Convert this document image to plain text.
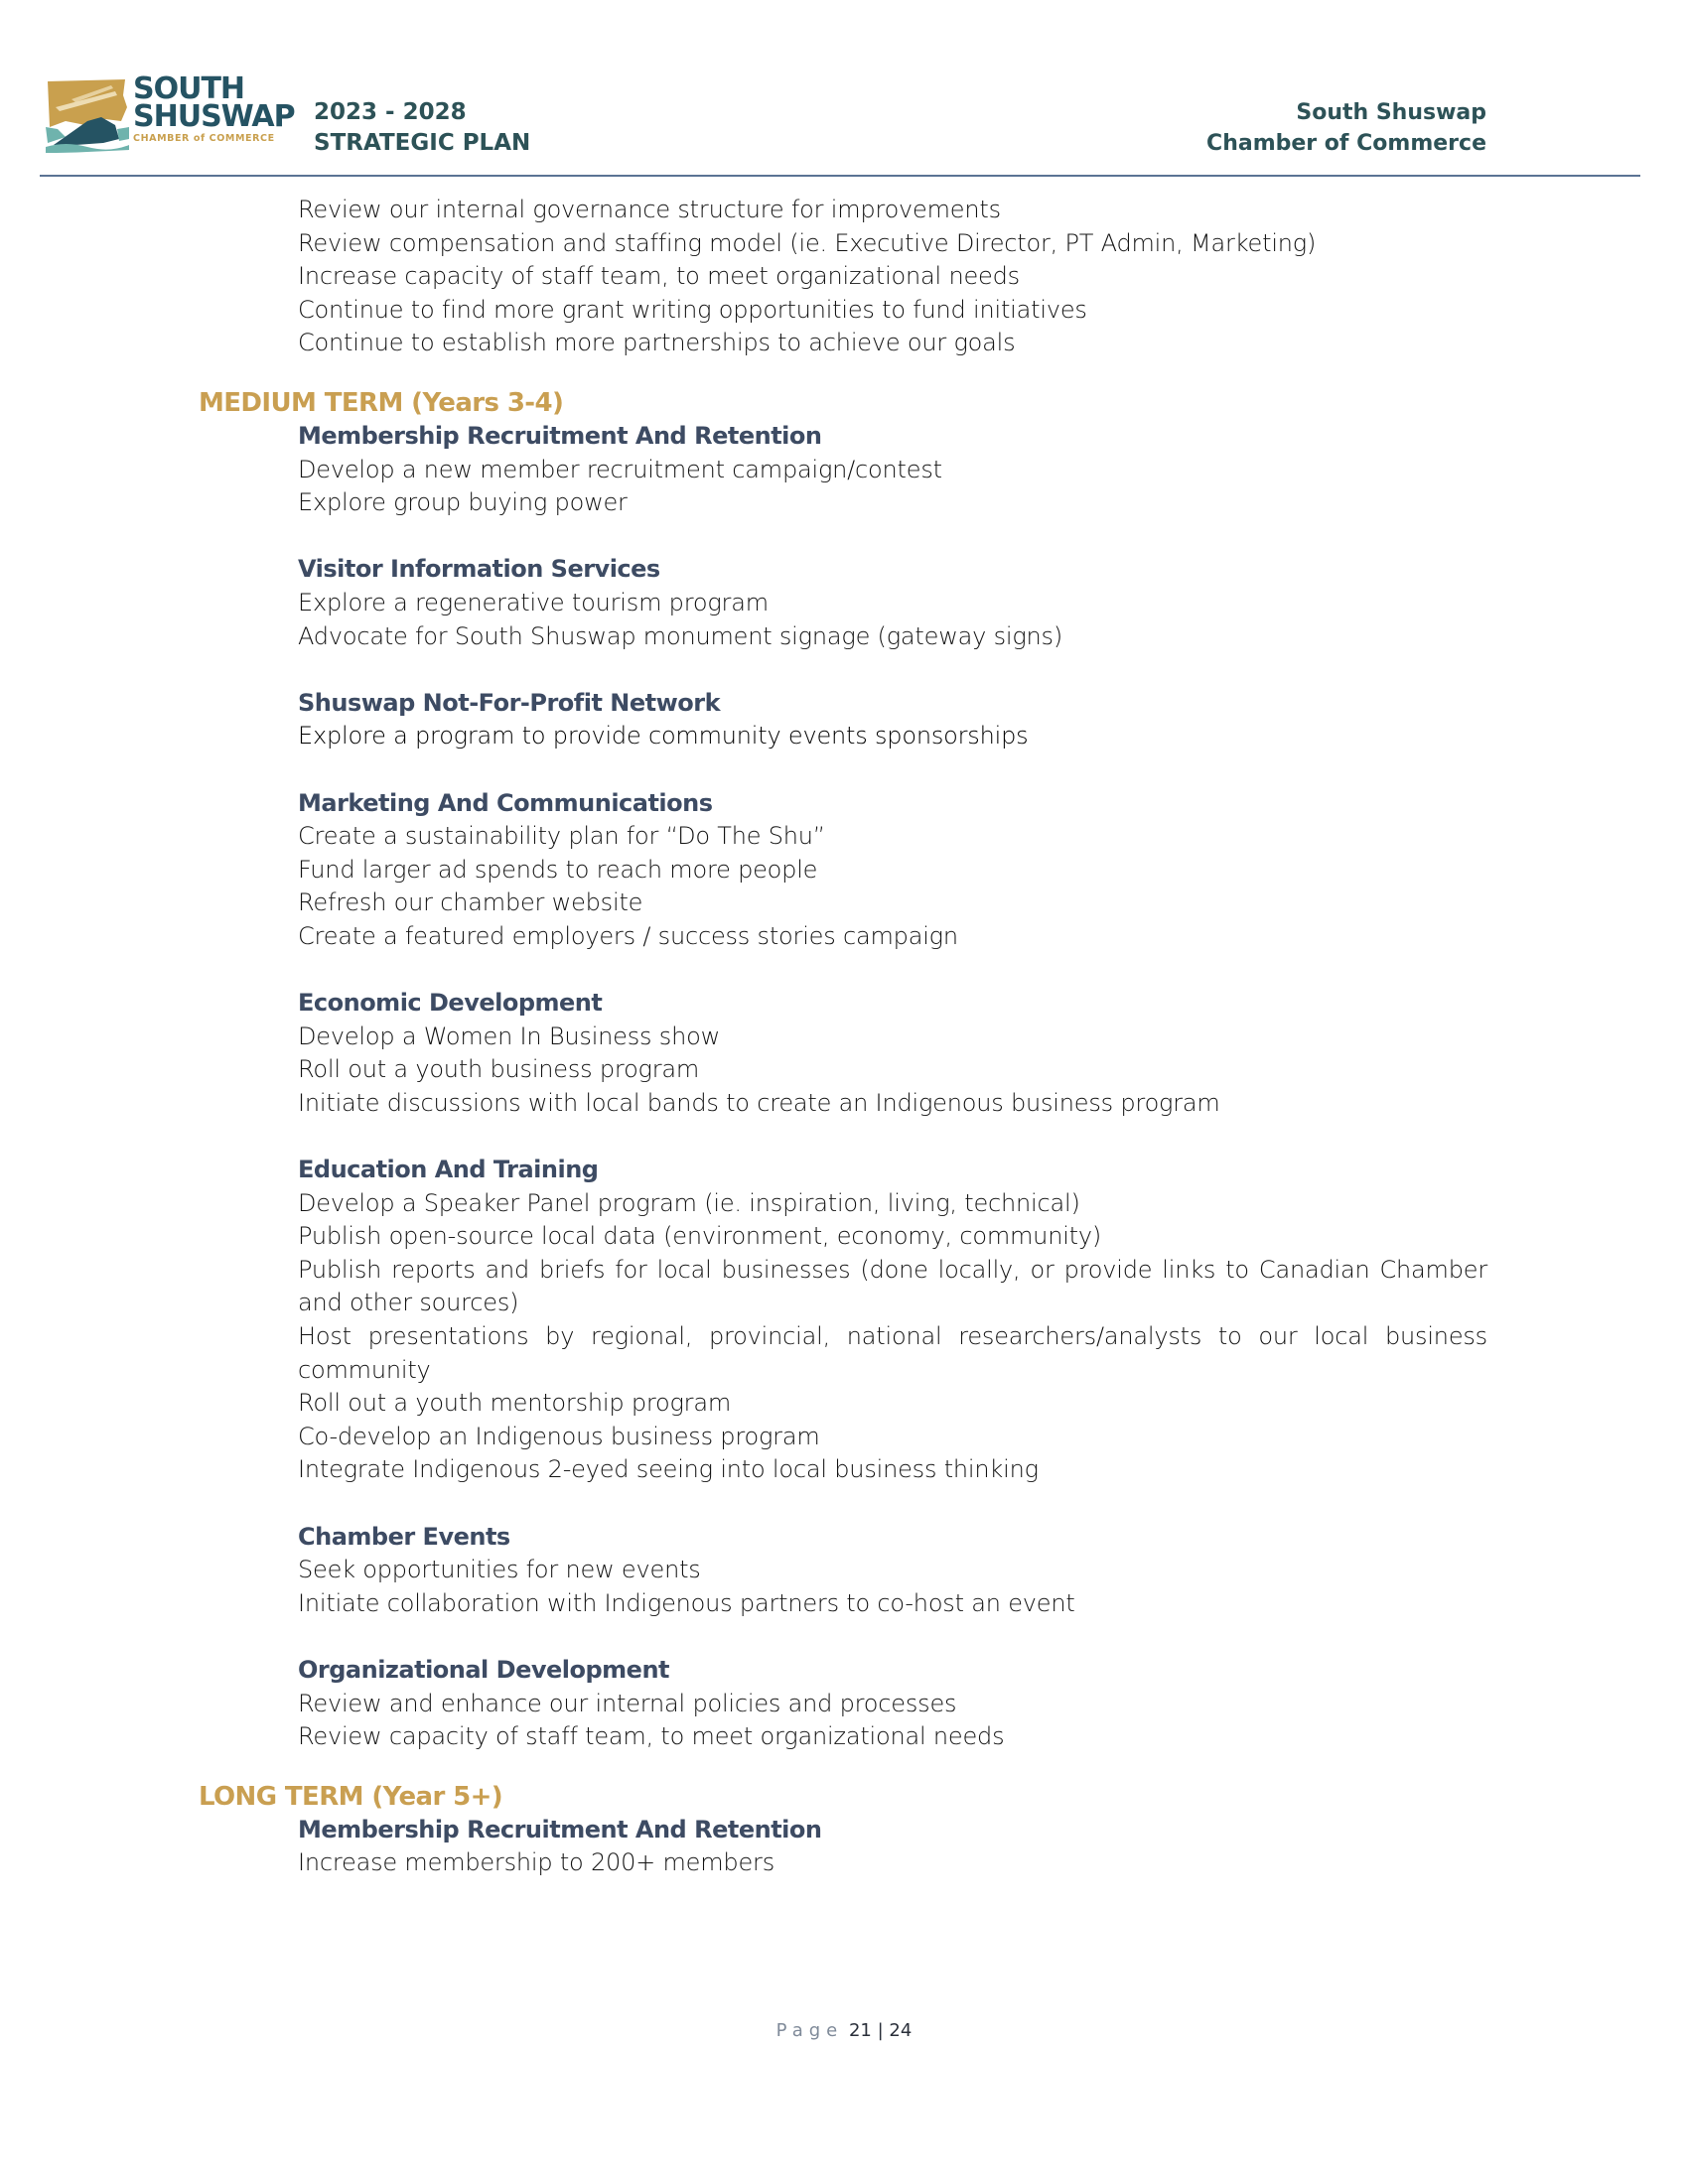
SOUTH
SHUSWAP
CHAMBER of COMMERCE
2023 - 2028
STRATEGIC PLAN
South Shuswap
Chamber of Commerce
Review our internal governance structure for improvements
Review compensation and staffing model (ie. Executive Director, PT Admin, Marketing)
Increase capacity of staff team, to meet organizational needs
Continue to find more grant writing opportunities to fund initiatives
Continue to establish more partnerships to achieve our goals
MEDIUM TERM (Years 3-4)
Membership Recruitment And Retention
Develop a new member recruitment campaign/contest
Explore group buying power
Visitor Information Services
Explore a regenerative tourism program
Advocate for South Shuswap monument signage (gateway signs)
Shuswap Not-For-Profit Network
Explore a program to provide community events sponsorships
Marketing And Communications
Create a sustainability plan for “Do The Shu”
Fund larger ad spends to reach more people
Refresh our chamber website
Create a featured employers / success stories campaign
Economic Development
Develop a Women In Business show
Roll out a youth business program
Initiate discussions with local bands to create an Indigenous business program
Education And Training
Develop a Speaker Panel program (ie. inspiration, living, technical)
Publish open-source local data (environment, economy, community)
Publish reports and briefs for local businesses (done locally, or provide links to Canadian Chamber and other sources)
Host presentations by regional, provincial, national researchers/analysts to our local business community
Roll out a youth mentorship program
Co-develop an Indigenous business program
Integrate Indigenous 2-eyed seeing into local business thinking
Chamber Events
Seek opportunities for new events
Initiate collaboration with Indigenous partners to co-host an event
Organizational Development
Review and enhance our internal policies and processes
Review capacity of staff team, to meet organizational needs
LONG TERM (Year 5+)
Membership Recruitment And Retention
Increase membership to 200+ members
Page 21 | 24
